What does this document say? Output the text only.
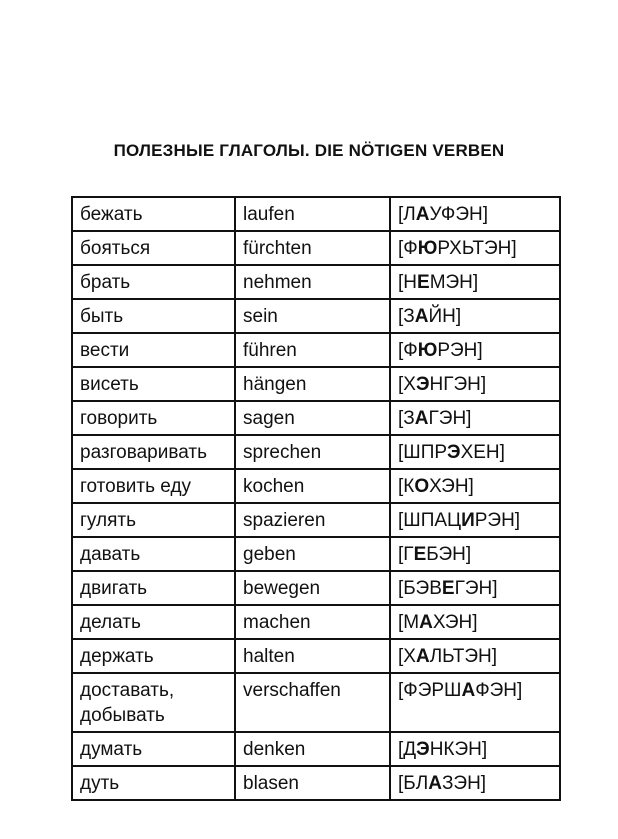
ПОЛЕЗНЫЕ ГЛАГОЛЫ. DIE NÖTIGEN VERBEN
бежать	laufen	[ЛАУФЭН]
бояться	fürchten	[ФЮРХЬТЭН]
брать	nehmen	[НЕМЭН]
быть	sein	[ЗАЙН]
вести	führen	[ФЮРЭН]
висеть	hängen	[ХЭНГЭН]
говорить	sagen	[ЗАГЭН]
разговаривать	sprechen	[ШПРЭХЕН]
готовить еду	kochen	[КОХЭН]
гулять	spazieren	[ШПАЦИРЭН]
давать	geben	[ГЕБЭН]
двигать	bewegen	[БЭВЕГЭН]
делать	machen	[МАХЭН]
держать	halten	[ХАЛЬТЭН]
доставать, добывать	verschaffen	[ФЭРШАФЭН]
думать	denken	[ДЭНКЭН]
дуть	blasen	[БЛАЗЭН]
